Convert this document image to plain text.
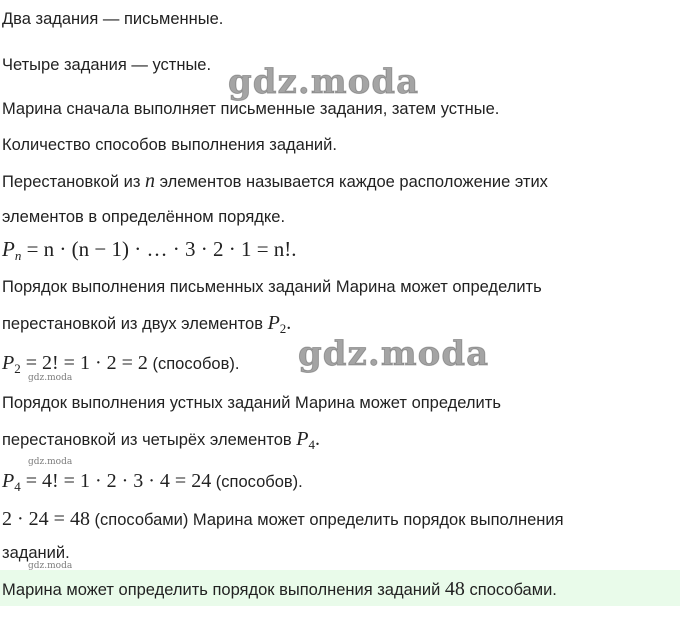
Два задания — письменные.
Четыре задания — устные.
Марина сначала выполняет письменные задания, затем устные.
Количество способов выполнения заданий.
Перестановкой из n элементов называется каждое расположение этих
элементов в определённом порядке.
$P_n = n \cdot (n - 1)$ · … · 3 · 2 · 1 = n!.
Порядок выполнения письменных заданий Марина может определить
перестановкой из двух элементов $P_2$.
$P_2 = 2$! = 1 · 2 = 2 (способов).
Порядок выполнения устных заданий Марина может определить
перестановкой из четырёх элементов $P_4$.
$P_4 = 4$! = 1 · 2 · 3 · 4 = 24 (способов).
2 · 24 = 48 (способами) Марина может определить порядок выполнения
заданий.
Марина может определить порядок выполнения заданий 48 способами.
gdz.moda
gdz.moda
gdz.moda
gdz.moda
gdz.moda
